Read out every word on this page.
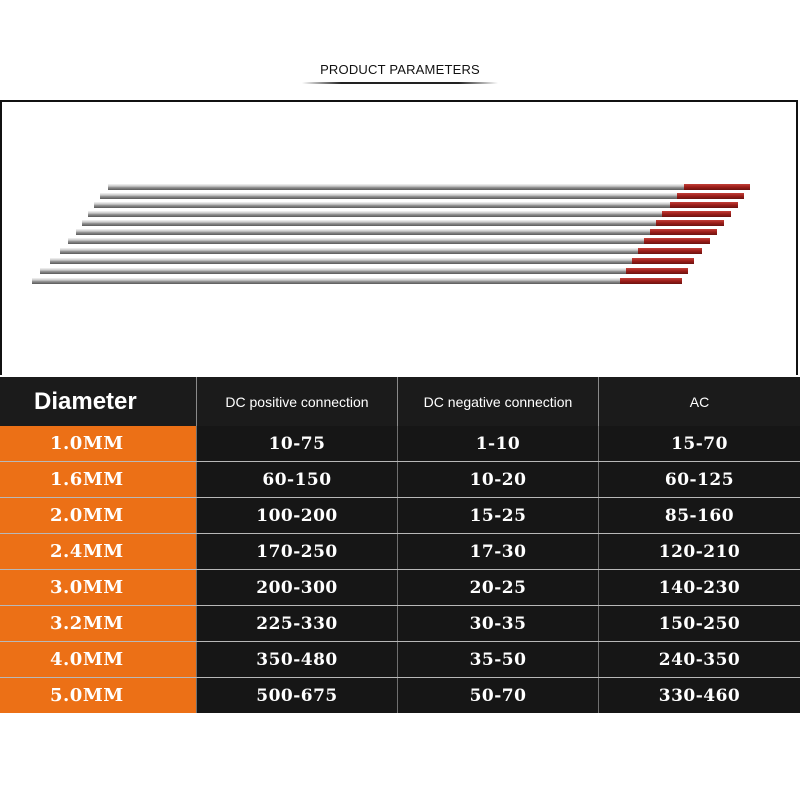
PRODUCT PARAMETERS
Diameter	DC positive connection	DC negative connection	AC
1.0MM	10-75	1-10	15-70
1.6MM	60-150	10-20	60-125
2.0MM	100-200	15-25	85-160
2.4MM	170-250	17-30	120-210
3.0MM	200-300	20-25	140-230
3.2MM	225-330	30-35	150-250
4.0MM	350-480	35-50	240-350
5.0MM	500-675	50-70	330-460
